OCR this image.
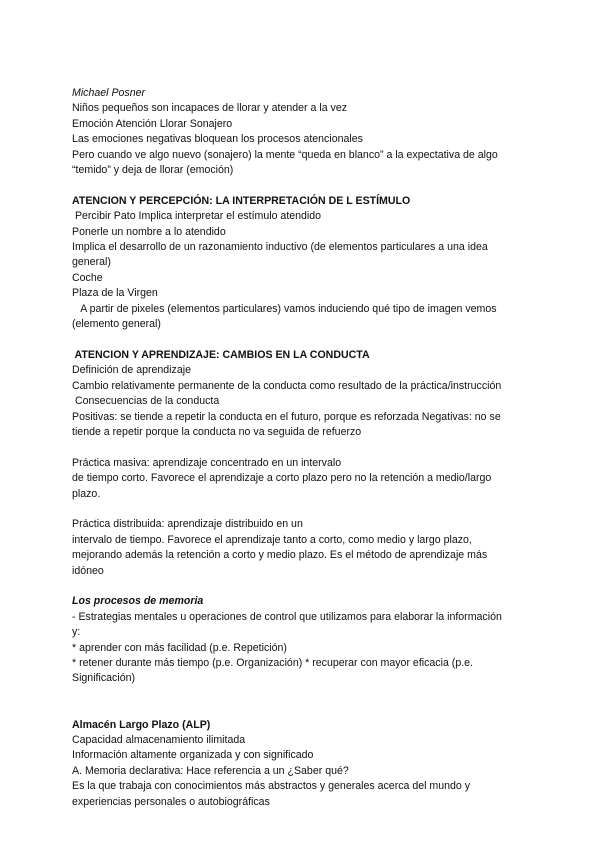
Michael Posner
Niños pequeños son incapaces de llorar y atender a la vez
Emoción Atención Llorar Sonajero
Las emociones negativas bloquean los procesos atencionales
Pero cuando ve algo nuevo (sonajero) la mente “queda en blanco” a la expectativa de algo
“temido” y deja de llorar (emoción)
ATENCION Y PERCEPCIÓN: LA INTERPRETACIÓN DE L ESTÍMULO
Percibir Pato Implica interpretar el estímulo atendido
Ponerle un nombre a lo atendido
Implica el desarrollo de un razonamiento inductivo (de elementos particulares a una idea
general)
Coche
Plaza de la Virgen
A partir de pixeles (elementos particulares) vamos induciendo qué tipo de imagen vemos
(elemento general)
ATENCION Y APRENDIZAJE: CAMBIOS EN LA CONDUCTA
Definición de aprendizaje
Cambio relativamente permanente de la conducta como resultado de la práctica/instrucción
Consecuencias de la conducta
Positivas: se tiende a repetir la conducta en el futuro, porque es reforzada Negativas: no se
tiende a repetir porque la conducta no va seguida de refuerzo
Práctica masiva: aprendizaje concentrado en un intervalo
de tiempo corto. Favorece el aprendizaje a corto plazo pero no la retención a medio/largo
plazo.
Práctica distribuida: aprendizaje distribuido en un
intervalo de tiempo. Favorece el aprendizaje tanto a corto, como medio y largo plazo,
mejorando además la retención a corto y medio plazo. Es el método de aprendizaje más
idóneo
Los procesos de memoria
- Estrategias mentales u operaciones de control que utilizamos para elaborar la información
y:
* aprender con más facilidad (p.e. Repetición)
* retener durante más tiempo (p.e. Organización) * recuperar con mayor eficacia (p.e.
Significación)
Almacén Largo Plazo (ALP)
Capacidad almacenamiento ilimitada
Información altamente organizada y con significado
A. Memoria declarativa: Hace referencia a un ¿Saber qué?
Es la que trabaja con conocimientos más abstractos y generales acerca del mundo y
experiencias personales o autobiográficas
